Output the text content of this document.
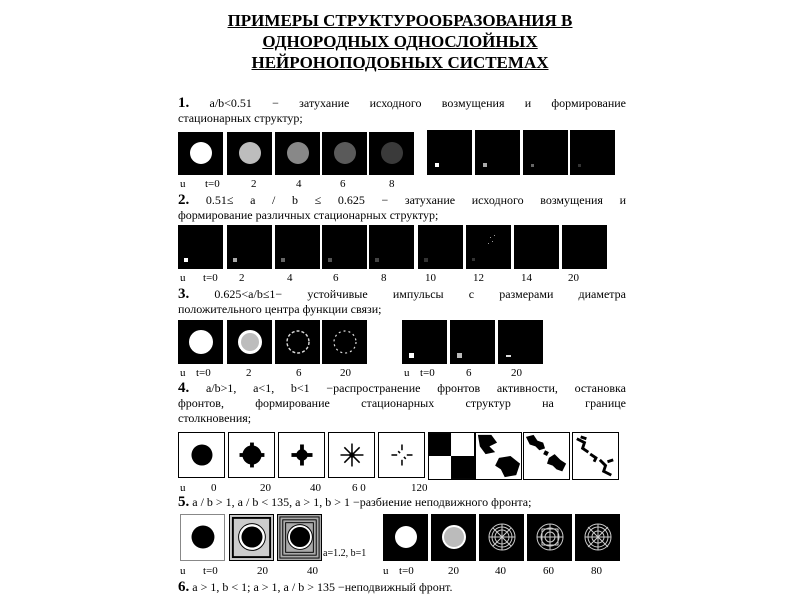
ПРИМЕРЫ СТРУКТУРООБРАЗОВАНИЯ В
ОДНОРОДНЫХ ОДНОСЛОЙНЫХ
НЕЙРОНОПОДОБНЫХ СИСТЕМАХ
1. a/b<0.51 − затухание исходного возмущения и формирование
стационарных структур;
u t=0	2	4	6	8
2. 0.51≤ a / b ≤ 0.625 − затухание исходного возмущения и
формирование различных стационарных структур;
u t=0 2	4	6	8	10	12	14	20
3. 0.625<a/b≤1− устойчивые импульсы с размерами диаметра
положительного центра функции связи;
u t=0	2	6	20	u t=0	6	20
4. a/b>1, a<1, b<1 −распространение фронтов активности, остановка
фронтов, формирование стационарных структур на границе
столкновения;
u 0	20	40	6 0	120
5. a / b > 1, a / b < 135, a > 1, b > 1 −разбиение неподвижного фронта;
a=1.2, b=1
u t=0	20	40	u t=0	20	40	60	80
6. a > 1, b < 1; a > 1, a / b > 135 −неподвижный фронт.
